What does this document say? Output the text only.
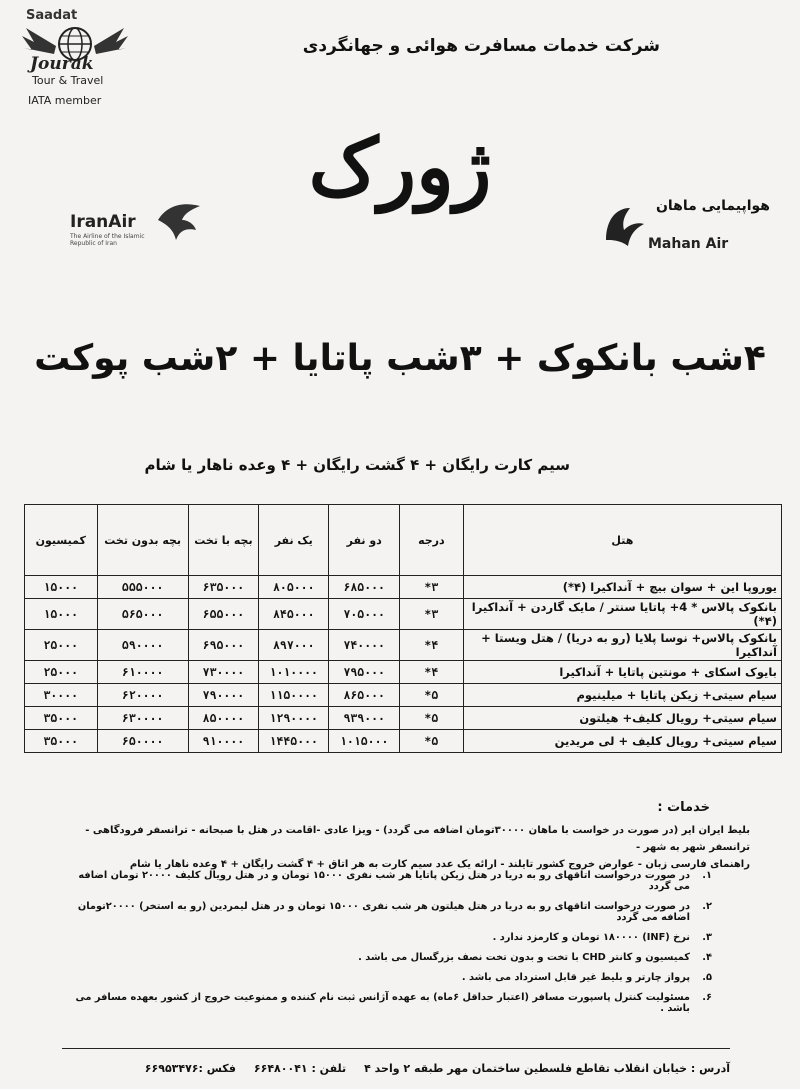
Saadat
Jourak
Tour & Travel
IATA member
شرکت خدمات مسافرت هوائی و جهانگردی
ژورک
IranAir
The Airline of the Islamic Republic of Iran
هواپیمایی ماهان
Mahan Air
۴شب بانکوک + ۳شب پاتایا + ۲شب پوکت
سیم کارت رایگان + ۴ گشت رایگان + ۴ وعده ناهار یا شام
هتل	درجه	دو نفر	یک نفر	بچه با تخت	بچه بدون تخت	کمیسیون
یوروپا این + سوان بیچ + آنداکیرا (۴*)	۳*	۶۸۵۰۰۰	۸۰۵۰۰۰	۶۳۵۰۰۰	۵۵۵۰۰۰	۱۵۰۰۰
بانکوک پالاس * 4+ پاتایا سنتر / مایک گاردن + آنداکیرا (۴*)	۳*	۷۰۵۰۰۰	۸۴۵۰۰۰	۶۵۵۰۰۰	۵۶۵۰۰۰	۱۵۰۰۰
بانکوک پالاس+ نوسا پلایا (رو به دریا) / هتل ویستا + آنداکیرا	۴*	۷۴۰۰۰۰	۸۹۷۰۰۰	۶۹۵۰۰۰	۵۹۰۰۰۰	۲۵۰۰۰
بایوک اسکای + مونتین پاتایا + آنداکیرا	۴*	۷۹۵۰۰۰	۱۰۱۰۰۰۰	۷۳۰۰۰۰	۶۱۰۰۰۰	۲۵۰۰۰
سیام سیتی+ زیکن پاتایا + میلینیوم	۵*	۸۶۵۰۰۰	۱۱۵۰۰۰۰	۷۹۰۰۰۰	۶۲۰۰۰۰	۳۰۰۰۰
سیام سیتی+ رویال کلیف+ هیلتون	۵*	۹۳۹۰۰۰	۱۲۹۰۰۰۰	۸۵۰۰۰۰	۶۳۰۰۰۰	۳۵۰۰۰
سیام سیتی+ رویال کلیف + لی مریدین	۵*	۱۰۱۵۰۰۰	۱۴۴۵۰۰۰	۹۱۰۰۰۰	۶۵۰۰۰۰	۳۵۰۰۰
خدمات :
بلیط ایران ایر (در صورت در خواست با ماهان ۳۰۰۰۰تومان اضافه می گردد) - ویزا عادی -اقامت در هتل با صبحانه - ترانسفر فرودگاهی - ترانسفر شهر به شهر -
راهنمای فارسی زبان - عوارض خروج کشور تایلند - ارائه یک عدد سیم کارت به هر اتاق + ۴ گشت رایگان + ۴ وعده ناهار یا شام
۱.
در صورت درخواست اتاقهای رو به دریا در هتل زیکن پاتایا هر شب نفری ۱۵۰۰۰ تومان و در هتل رویال کلیف ۲۰۰۰۰ تومان اضافه می گردد
۲.
در صورت درخواست اتاقهای رو به دریا در هتل هیلتون هر شب نفری ۱۵۰۰۰ تومان و در هتل لیمردین (رو به استخر) ۲۰۰۰۰تومان اضافه می گردد
۳.
نرخ (INF) ۱۸۰۰۰۰ تومان و کارمزد ندارد .
۴.
کمیسیون و کانتر CHD با تخت و بدون تخت نصف بزرگسال می باشد .
۵.
پرواز چارتر و بلیط غیر قابل استرداد می باشد .
۶.
مسئولیت کنترل پاسپورت مسافر (اعتبار حداقل ۶ماه) به عهده آژانس ثبت نام کننده و ممنوعیت خروج از کشور بعهده مسافر می باشد .
آدرس : خیابان انقلاب تقاطع فلسطین ساختمان مهر طبقه ۲ واحد ۴
تلفن : ۶۶۴۸۰۰۴۱
فکس :۶۶۹۵۳۴۷۶
